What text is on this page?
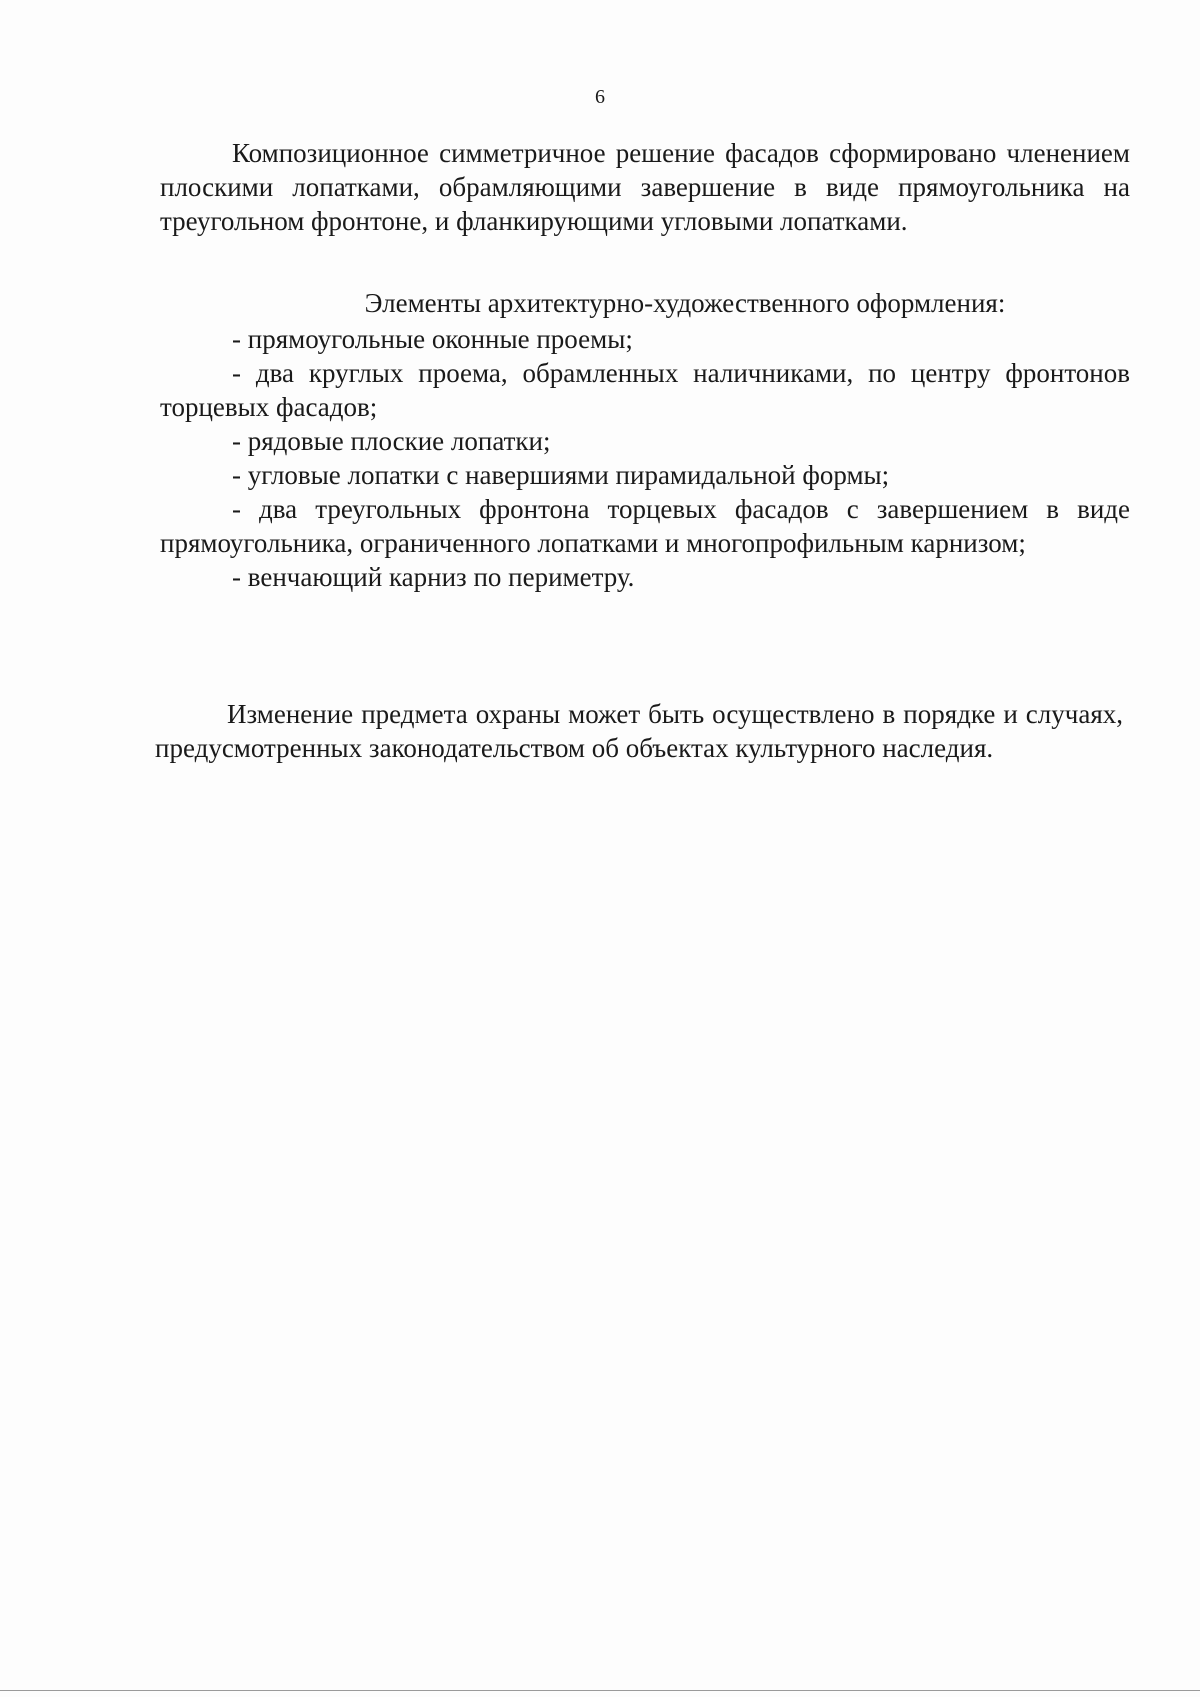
6

Композиционное симметричное решение фасадов сформировано членением плоскими лопатками, обрамляющими завершение в виде прямоугольника на треугольном фронтоне, и фланкирующими угловыми лопатками.

Элементы архитектурно-художественного оформления:

- прямоугольные оконные проемы;
- два круглых проема, обрамленных наличниками, по центру фронтонов торцевых фасадов;
- рядовые плоские лопатки;
- угловые лопатки с навершиями пирамидальной формы;
- два треугольных фронтона торцевых фасадов с завершением в виде прямоугольника, ограниченного лопатками и многопрофильным карнизом;
- венчающий карниз по периметру.

Изменение предмета охраны может быть осуществлено в порядке и случаях, предусмотренных законодательством об объектах культурного наследия.
